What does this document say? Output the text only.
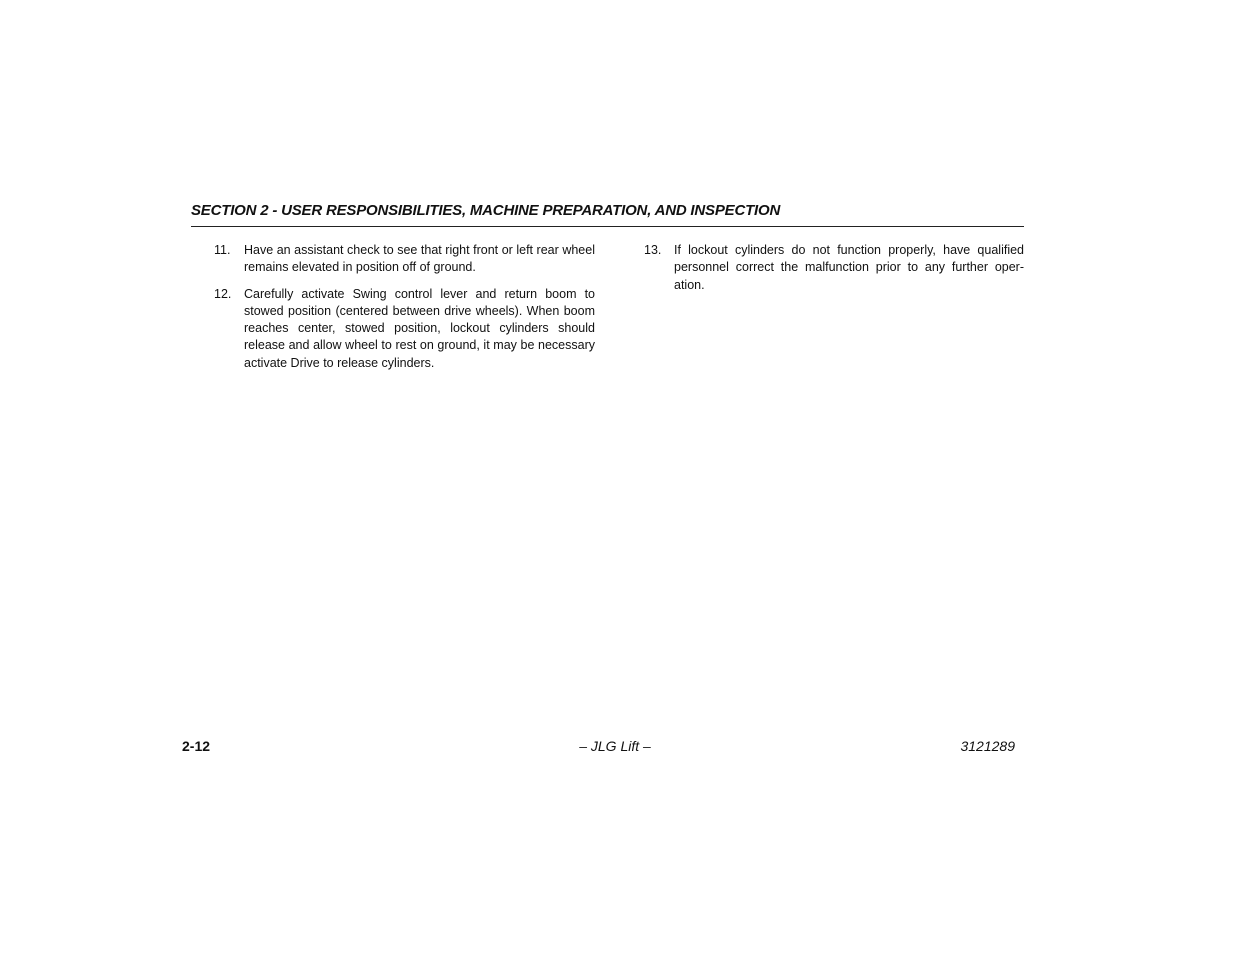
SECTION 2 - USER RESPONSIBILITIES, MACHINE PREPARATION, AND INSPECTION
11.	Have an assistant check to see that right front or left rear wheel remains elevated in position off of ground.
12.	Carefully activate Swing control lever and return boom to stowed position (centered between drive wheels). When boom reaches center, stowed position, lockout cylinders should release and allow wheel to rest on ground, it may be necessary activate Drive to release cylinders.
13.	If lockout cylinders do not function properly, have qualified personnel correct the malfunction prior to any further oper-ation.
2-12	– JLG Lift –	3121289
